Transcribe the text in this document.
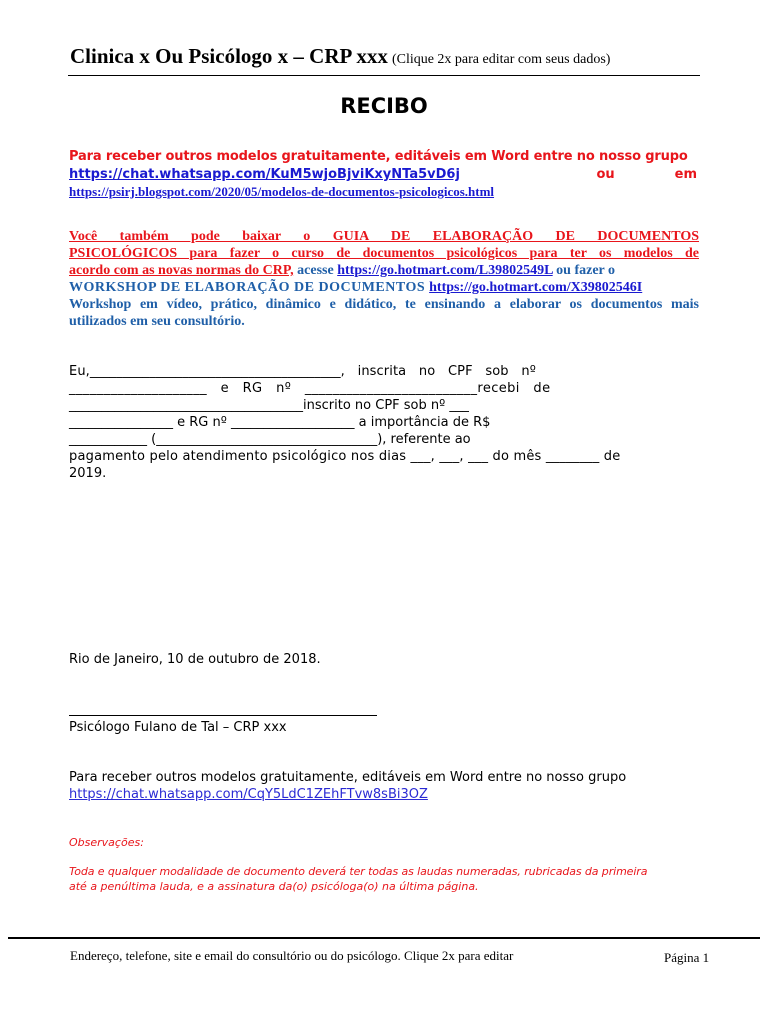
Clinica x Ou Psicólogo x – CRP xxx (Clique 2x para editar com seus dados)
RECIBO
Para receber outros modelos gratuitamente, editáveis em Word entre no nosso grupo
https://chat.whatsapp.com/KuM5wjoBjviKxyNTa5vD6j	ou	em
https://psirj.blogspot.com/2020/05/modelos-de-documentos-psicologicos.html
Você também pode baixar o GUIA DE ELABORAÇÃO DE DOCUMENTOS
PSICOLÓGICOS para fazer o curso de documentos psicológicos para ter os modelos de
acordo com as novas normas do CRP, acesse https://go.hotmart.com/L39802549L ou fazer o
WORKSHOP DE ELABORAÇÃO DE DOCUMENTOS https://go.hotmart.com/X39802546I
Workshop em vídeo, prático, dinâmico e didático, te ensinando a elaborar os documentos mais
utilizados em seu consultório.
Eu,______________________________________,   inscrita   no   CPF   sob   nº
____________________   e   RG   nº   _________________________recebi   de
____________________________________inscrito no CPF sob nº ___
________________ e RG nº ___________________ a importância de R$
____________ (__________________________________), referente ao
pagamento pelo atendimento psicológico nos dias ___, ___, ___ do mês ________ de
2019.
Rio de Janeiro, 10 de outubro de 2018.
Psicólogo Fulano de Tal – CRP xxx
Para receber outros modelos gratuitamente, editáveis em Word entre no nosso grupo
https://chat.whatsapp.com/CqY5LdC1ZEhFTvw8sBi3OZ
Observações:
Toda e qualquer modalidade de documento deverá ter todas as laudas numeradas, rubricadas da primeira
até a penúltima lauda, e a assinatura da(o) psicóloga(o) na última página.
Endereço, telefone, site e email do consultório ou do psicólogo. Clique 2x para editar	Página 1
